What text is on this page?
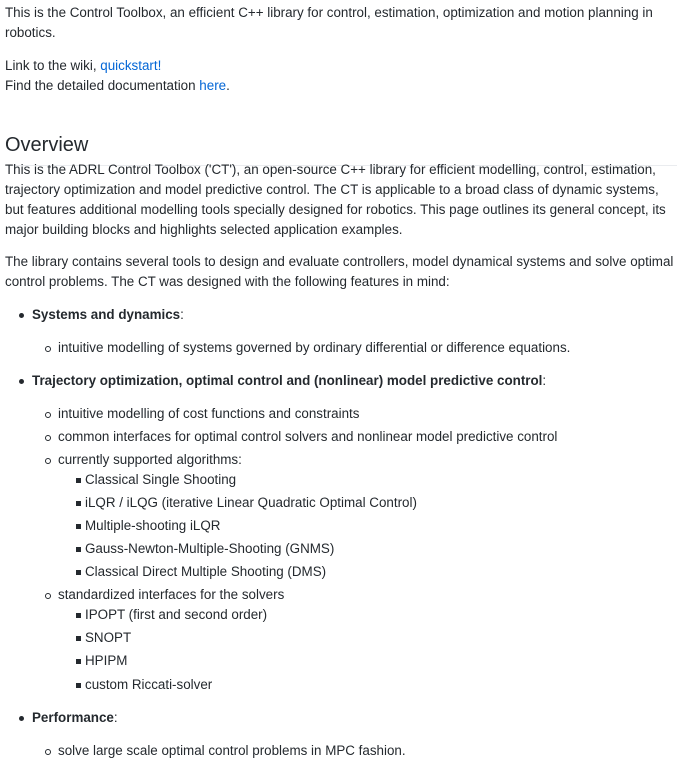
This is the Control Toolbox, an efficient C++ library for control, estimation, optimization and motion planning in robotics.

Link to the wiki, quickstart!
Find the detailed documentation here.

Overview

This is the ADRL Control Toolbox ('CT'), an open-source C++ library for efficient modelling, control, estimation, trajectory optimization and model predictive control. The CT is applicable to a broad class of dynamic systems, but features additional modelling tools specially designed for robotics. This page outlines its general concept, its major building blocks and highlights selected application examples.

The library contains several tools to design and evaluate controllers, model dynamical systems and solve optimal control problems. The CT was designed with the following features in mind:

Systems and dynamics:
intuitive modelling of systems governed by ordinary differential or difference equations.
Trajectory optimization, optimal control and (nonlinear) model predictive control:
intuitive modelling of cost functions and constraints
common interfaces for optimal control solvers and nonlinear model predictive control
currently supported algorithms:
Classical Single Shooting
iLQR / iLQG (iterative Linear Quadratic Optimal Control)
Multiple-shooting iLQR
Gauss-Newton-Multiple-Shooting (GNMS)
Classical Direct Multiple Shooting (DMS)
standardized interfaces for the solvers
IPOPT (first and second order)
SNOPT
HPIPM
custom Riccati-solver
Performance:
solve large scale optimal control problems in MPC fashion.
